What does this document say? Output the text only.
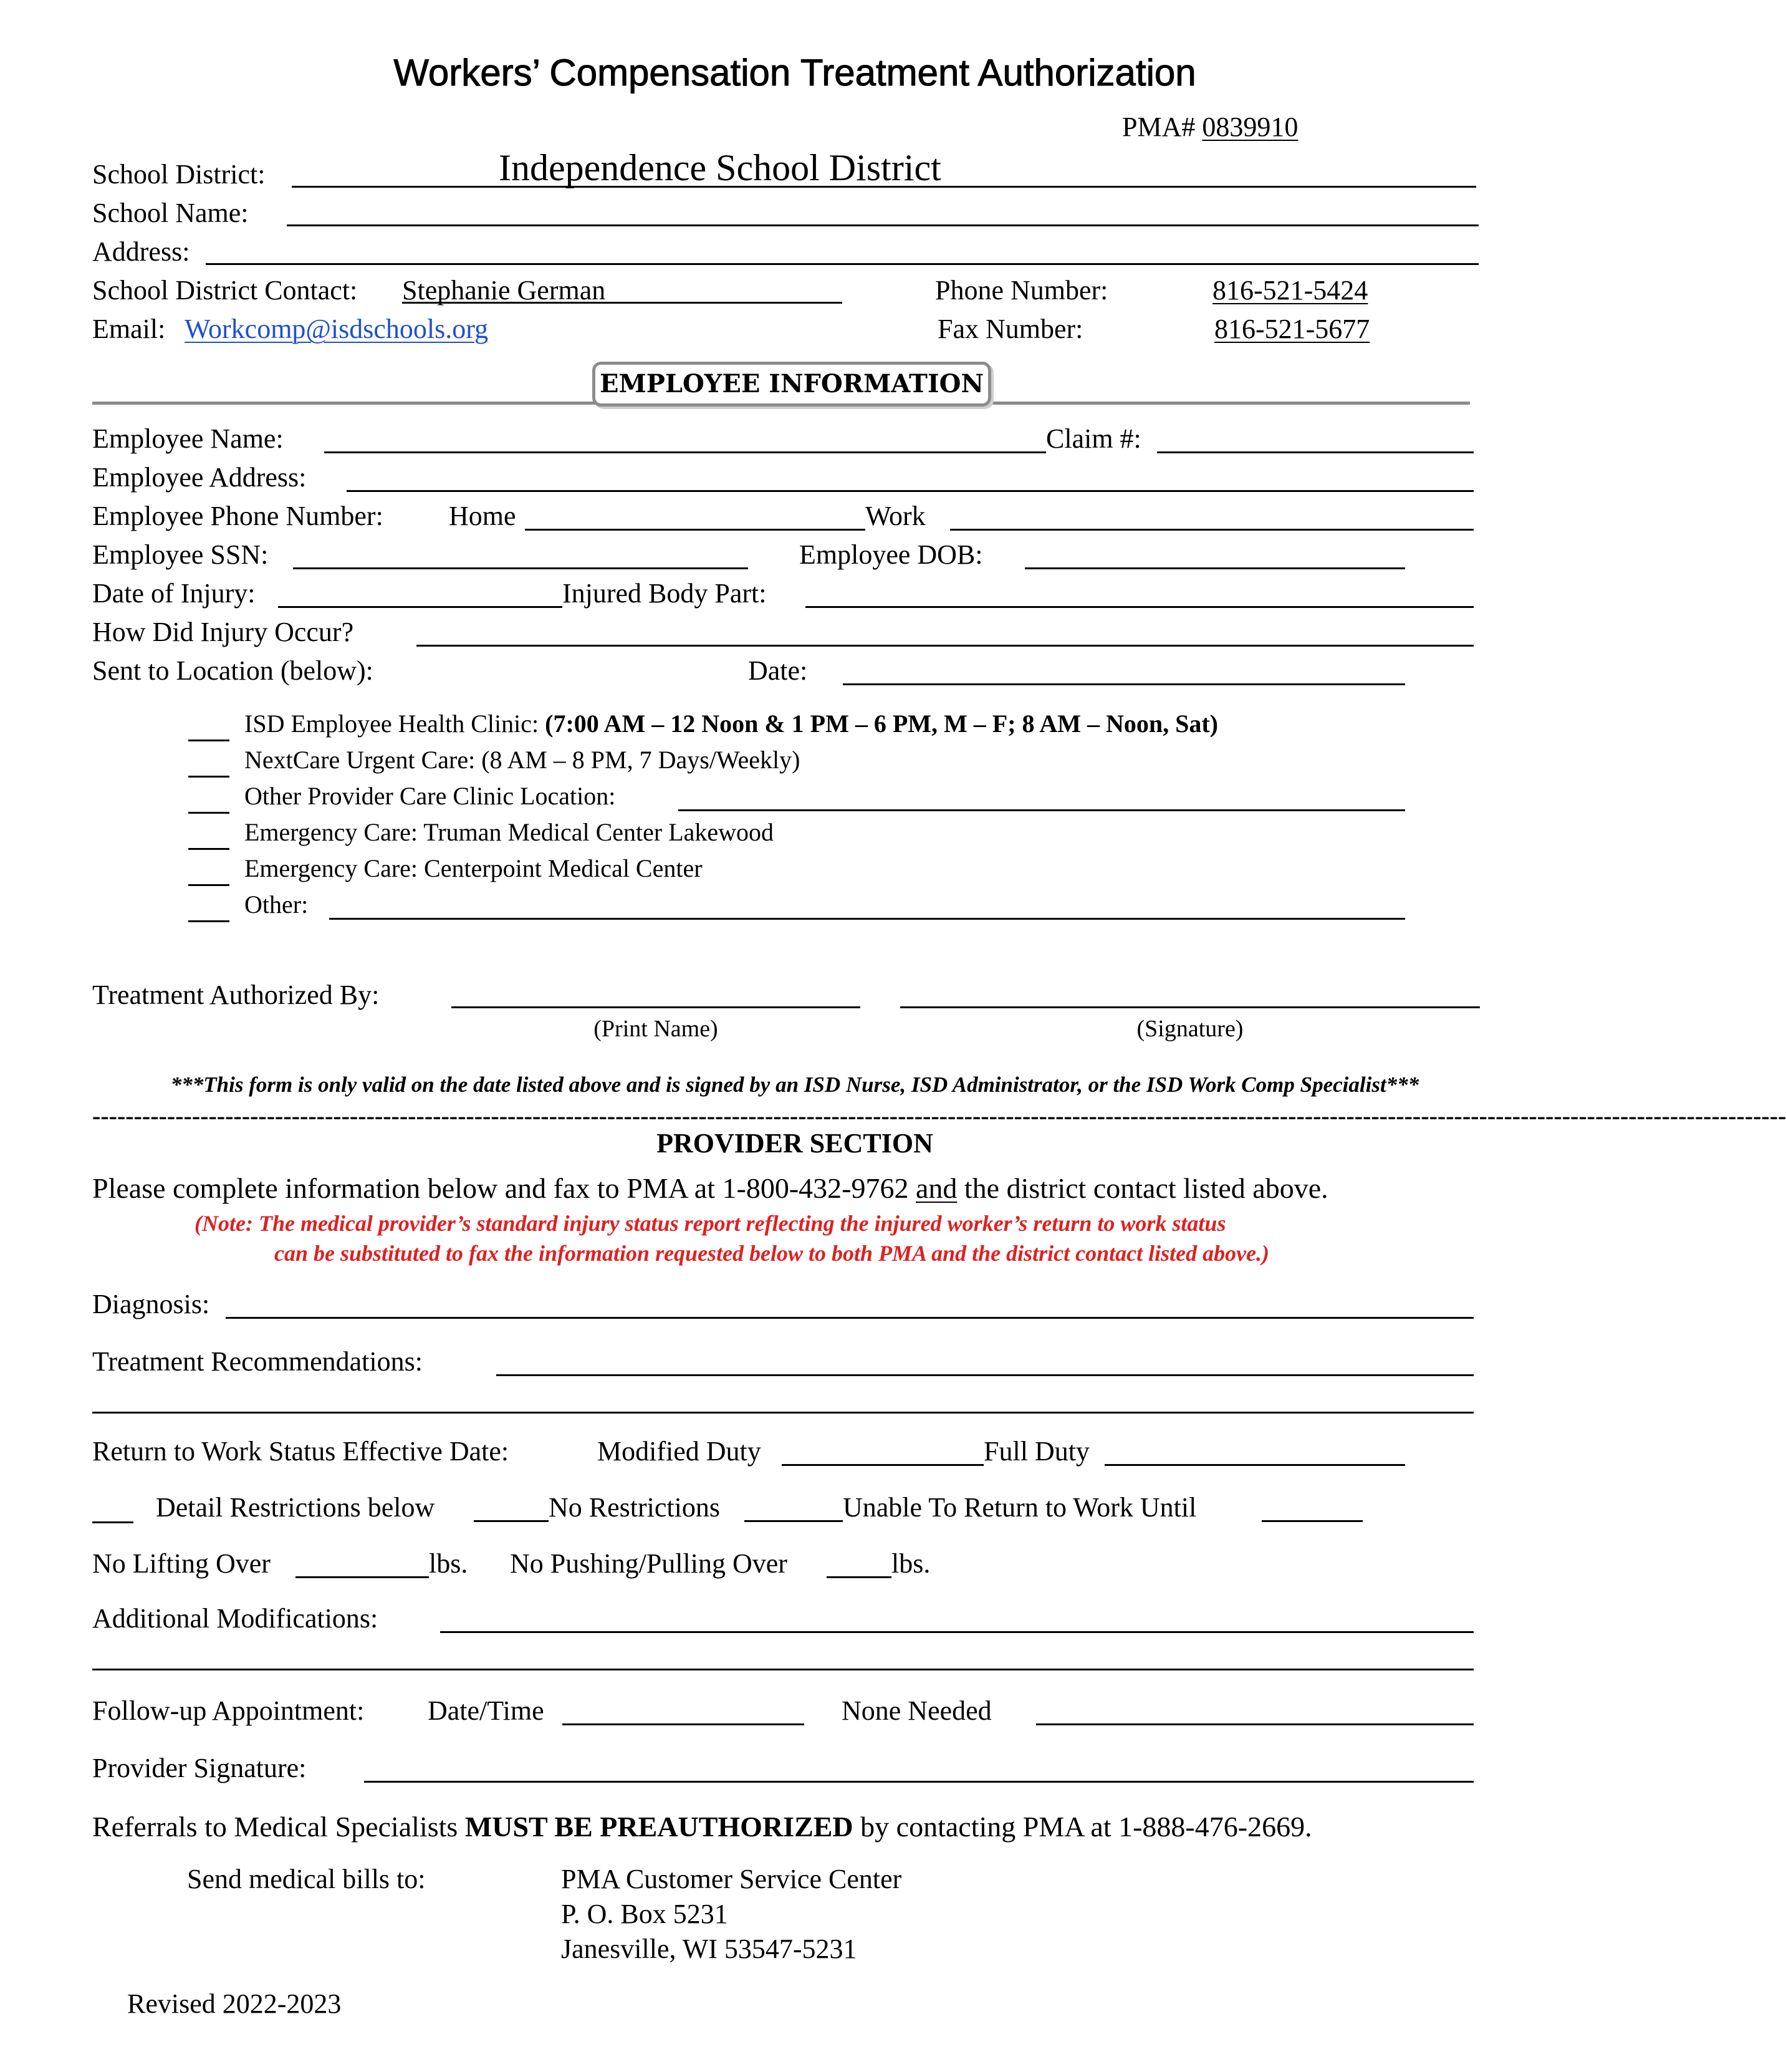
Workers’ Compensation Treatment Authorization
PMA# 0839910
School District:	Independence School District
School Name:
Address:
School District Contact: Stephanie German	Phone Number:	816-521-5424
Email: Workcomp@isdschools.org	Fax Number:	816-521-5677
EMPLOYEE INFORMATION
Employee Name:	Claim #:
Employee Address:
Employee Phone Number: Home	Work
Employee SSN:	Employee DOB:
Date of Injury:	Injured Body Part:
How Did Injury Occur?
Sent to Location (below):	Date:
ISD Employee Health Clinic: (7:00 AM – 12 Noon & 1 PM – 6 PM, M – F; 8 AM – Noon, Sat)
NextCare Urgent Care: (8 AM – 8 PM, 7 Days/Weekly)
Other Provider Care Clinic Location:
Emergency Care: Truman Medical Center Lakewood
Emergency Care: Centerpoint Medical Center
Other:
Treatment Authorized By:
(Print Name)	(Signature)
***This form is only valid on the date listed above and is signed by an ISD Nurse, ISD Administrator, or the ISD Work Comp Specialist***
------------------------------------------------------------------------------------------------------------------------------------------------------------------------------------------------------------
PROVIDER SECTION
Please complete information below and fax to PMA at 1-800-432-9762 and the district contact listed above.
(Note: The medical provider’s standard injury status report reflecting the injured worker’s return to work status
can be substituted to fax the information requested below to both PMA and the district contact listed above.)
Diagnosis:
Treatment Recommendations:
Return to Work Status Effective Date:	Modified Duty	Full Duty
Detail Restrictions below	No Restrictions	Unable To Return to Work Until
No Lifting Over	lbs. No Pushing/Pulling Over	lbs.
Additional Modifications:
Follow-up Appointment: Date/Time	None Needed
Provider Signature:
Referrals to Medical Specialists MUST BE PREAUTHORIZED by contacting PMA at 1-888-476-2669.
Send medical bills to:	PMA Customer Service Center
P. O. Box 5231
Janesville, WI 53547-5231
Revised 2022-2023
